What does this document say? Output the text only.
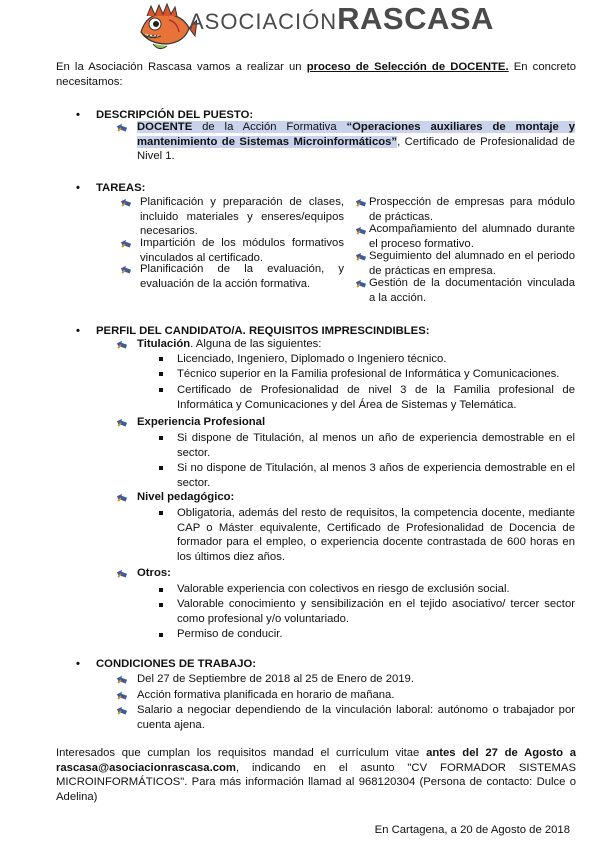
ASOCIACIÓNRASCASA
En la Asociación Rascasa vamos a realizar un proceso de Selección de DOCENTE. En concreto necesitamos:
• DESCRIPCIÓN DEL PUESTO:
DOCENTE de la Acción Formativa “Operaciones auxiliares de montaje y mantenimiento de Sistemas Microinformáticos”, Certificado de Profesionalidad de Nivel 1.
• TAREAS:
Planificación y preparación de clases, incluido materiales y enseres/equipos necesarios.
Impartición de los módulos formativos vinculados al certificado.
Planificación de la evaluación, y evaluación de la acción formativa.
Prospección de empresas para módulo de prácticas.
Acompañamiento del alumnado durante el proceso formativo.
Seguimiento del alumnado en el periodo de prácticas en empresa.
Gestión de la documentación vinculada a la acción.
• PERFIL DEL CANDIDATO/A. REQUISITOS IMPRESCINDIBLES:
Titulación. Alguna de las siguientes:
Licenciado, Ingeniero, Diplomado o Ingeniero técnico.
Técnico superior en la Familia profesional de Informática y Comunicaciones.
Certificado de Profesionalidad de nivel 3 de la Familia profesional de Informática y Comunicaciones y del Área de Sistemas y Telemática.
Experiencia Profesional
Si dispone de Titulación, al menos un año de experiencia demostrable en el sector.
Si no dispone de Titulación, al menos 3 años de experiencia demostrable en el sector.
Nivel pedagógico:
Obligatoria, además del resto de requisitos, la competencia docente, mediante CAP o Máster equivalente, Certificado de Profesionalidad de Docencia de formador para el empleo, o experiencia docente contrastada de 600 horas en los últimos diez años.
Otros:
Valorable experiencia con colectivos en riesgo de exclusión social.
Valorable conocimiento y sensibilización en el tejido asociativo/ tercer sector como profesional y/o voluntariado.
Permiso de conducir.
• CONDICIONES DE TRABAJO:
Del 27 de Septiembre de 2018 al 25 de Enero de 2019.
Acción formativa planificada en horario de mañana.
Salario a negociar dependiendo de la vinculación laboral: autónomo o trabajador por cuenta ajena.
Interesados que cumplan los requisitos mandad el currículum vitae antes del 27 de Agosto a rascasa@asociacionrascasa.com, indicando en el asunto "CV FORMADOR SISTEMAS MICROINFORMÁTICOS". Para más información llamad al 968120304 (Persona de contacto: Dulce o Adelina)
En Cartagena, a 20 de Agosto de 2018
